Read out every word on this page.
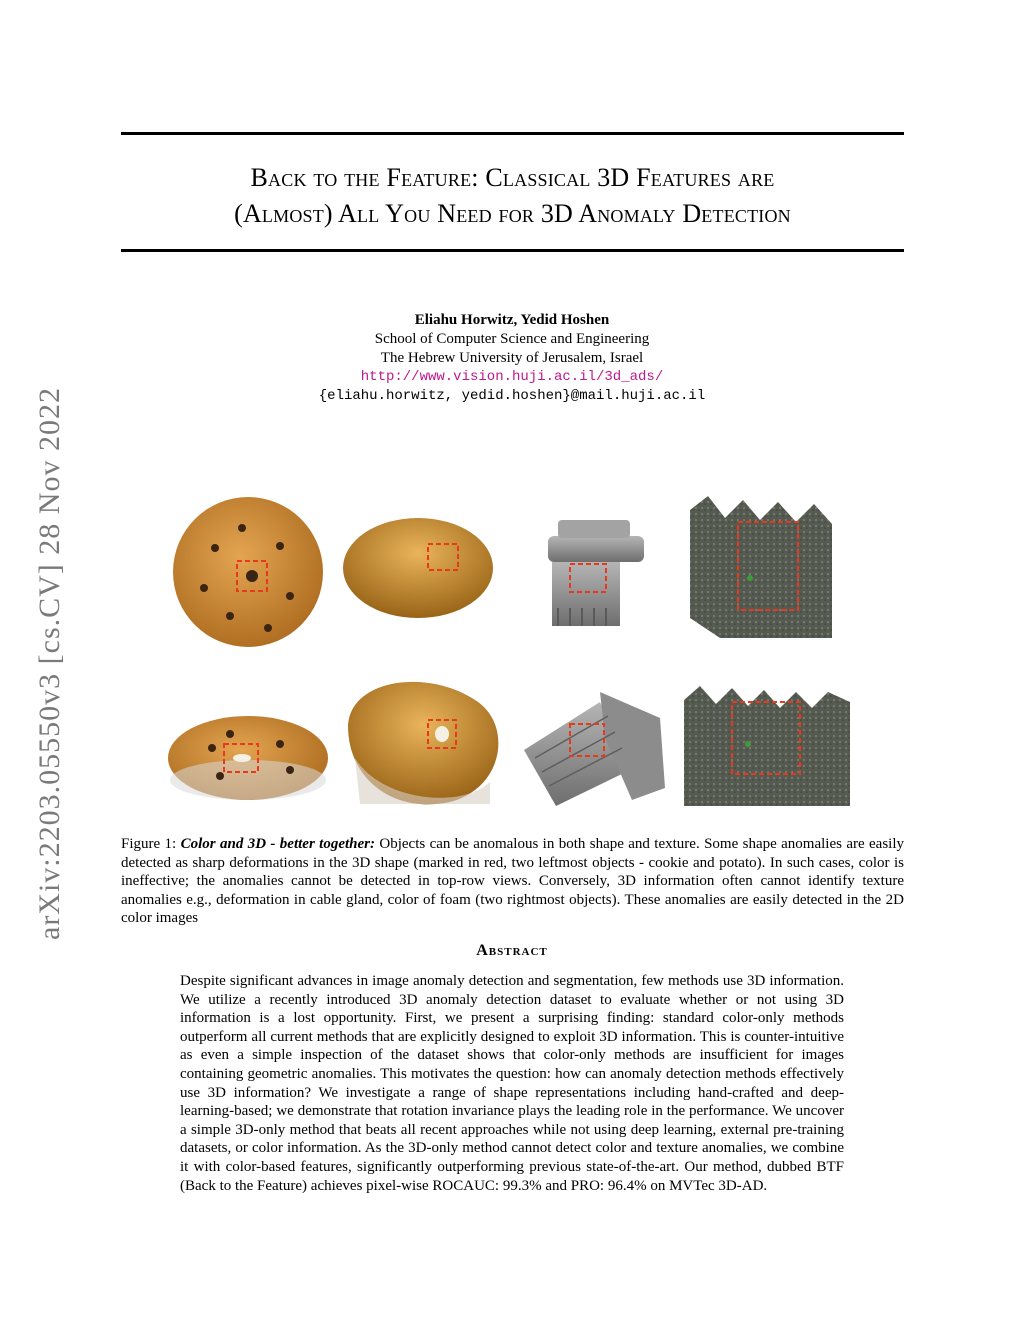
Back to the Feature: Classical 3D Features are
(Almost) All You Need for 3D Anomaly Detection
Eliahu Horwitz, Yedid Hoshen
School of Computer Science and Engineering
The Hebrew University of Jerusalem, Israel
http://www.vision.huji.ac.il/3d_ads/
{eliahu.horwitz, yedid.hoshen}@mail.huji.ac.il
arXiv:2203.05550v3 [cs.CV] 28 Nov 2022	Figure 1: Color and 3D - better together: Objects can be anomalous in both shape and texture. Some shape anomalies are easily detected as sharp deformations in the 3D shape (marked in red, two leftmost objects - cookie and potato). In such cases, color is ineffective; the anomalies cannot be detected in top-row views. Conversely, 3D information often cannot identify texture anomalies e.g., deformation in cable gland, color of foam (two rightmost objects). These anomalies are easily detected in the 2D color images
Abstract
Despite significant advances in image anomaly detection and segmentation, few methods use 3D information. We utilize a recently introduced 3D anomaly detection dataset to evaluate whether or not using 3D information is a lost opportunity. First, we present a surprising finding: standard color-only methods outperform all current methods that are explicitly designed to exploit 3D information. This is counter-intuitive as even a simple inspection of the dataset shows that color-only methods are insufficient for images containing geometric anomalies. This motivates the question: how can anomaly detection methods effectively use 3D information? We investigate a range of shape representations including hand-crafted and deep-learning-based; we demonstrate that rotation invariance plays the leading role in the performance. We uncover a simple 3D-only method that beats all recent approaches while not using deep learning, external pre-training datasets, or color information. As the 3D-only method cannot detect color and texture anomalies, we combine it with color-based features, significantly outperforming previous state-of-the-art. Our method, dubbed BTF (Back to the Feature) achieves pixel-wise ROCAUC: 99.3% and PRO: 96.4% on MVTec 3D-AD.
